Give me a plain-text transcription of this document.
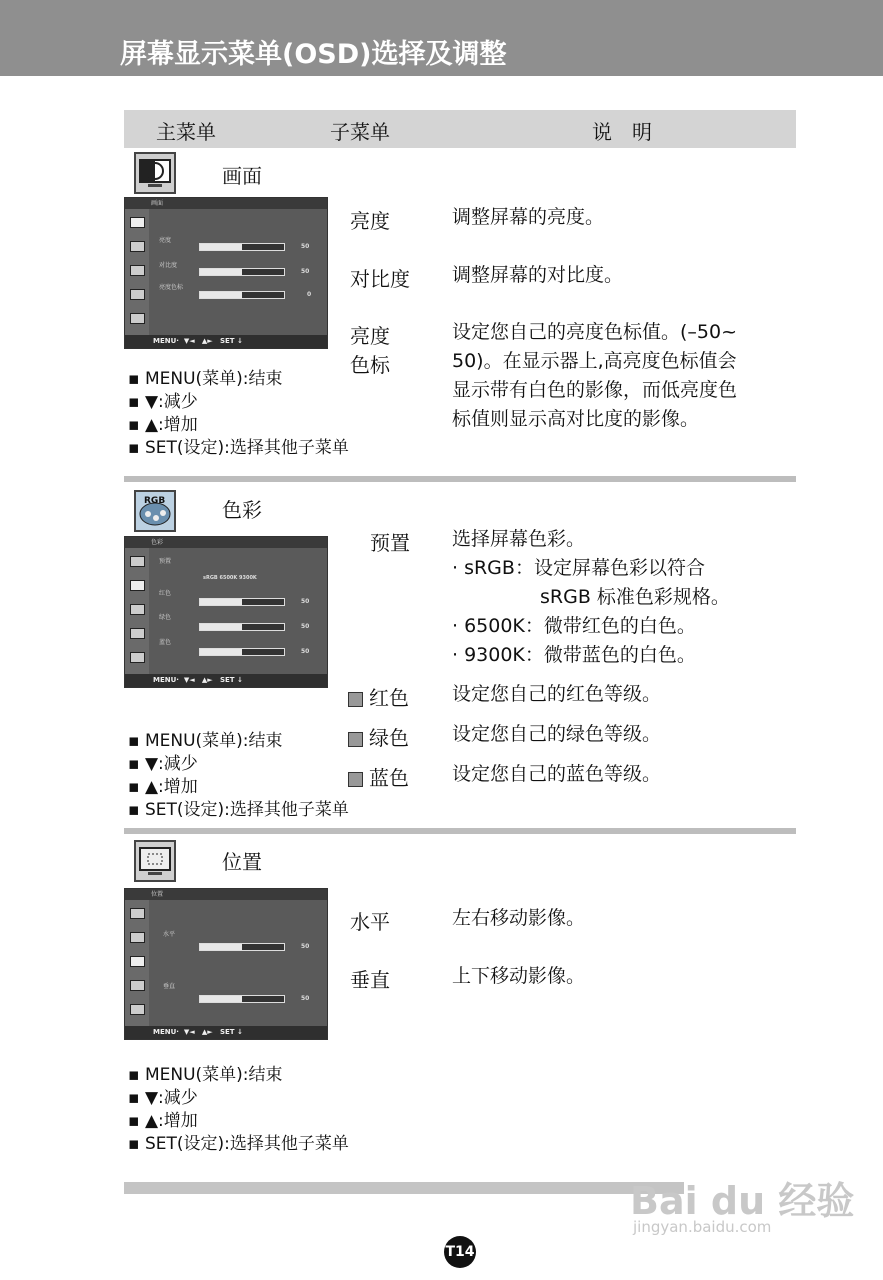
屏幕显示菜单(OSD)选择及调整
主菜单	子菜单	说　明
画面
画面
亮度
50
对比度
50
亮度色标
0
MENU·  ▼◄   ▲►   SET ↓
亮度	调整屏幕的亮度。
对比度 调整屏幕的对比度。
亮度
色标
设定您自己的亮度色标值。(–50~
50)。在显示器上,高亮度色标值会
显示带有白色的影像，而低亮度色
标值则显示高对比度的影像。
▪ MENU(菜单):结束
▪ ▼:减少
▪ ▲:增加
▪ SET(设定):选择其他子菜单
RGB	色彩
色彩
预置
sRGB 6500K 9300K
红色
50
绿色
50
蓝色
50
MENU·  ▼◄   ▲►   SET ↓
预置 选择屏幕色彩。
· sRGB：设定屏幕色彩以符合
sRGB 标准色彩规格。
· 6500K：微带红色的白色。
· 9300K：微带蓝色的白色。
红色 设定您自己的红色等级。
绿色 设定您自己的绿色等级。
蓝色 设定您自己的蓝色等级。
▪ MENU(菜单):结束
▪ ▼:减少
▪ ▲:增加
▪ SET(设定):选择其他子菜单
位置
位置
水平
50
垂直
50
MENU·  ▼◄   ▲►   SET ↓
水平	左右移动影像。
垂直	上下移动影像。
▪ MENU(菜单):结束
▪ ▼:减少
▪ ▲:增加
▪ SET(设定):选择其他子菜单
Bai du 经验
jingyan.baidu.com
T14
